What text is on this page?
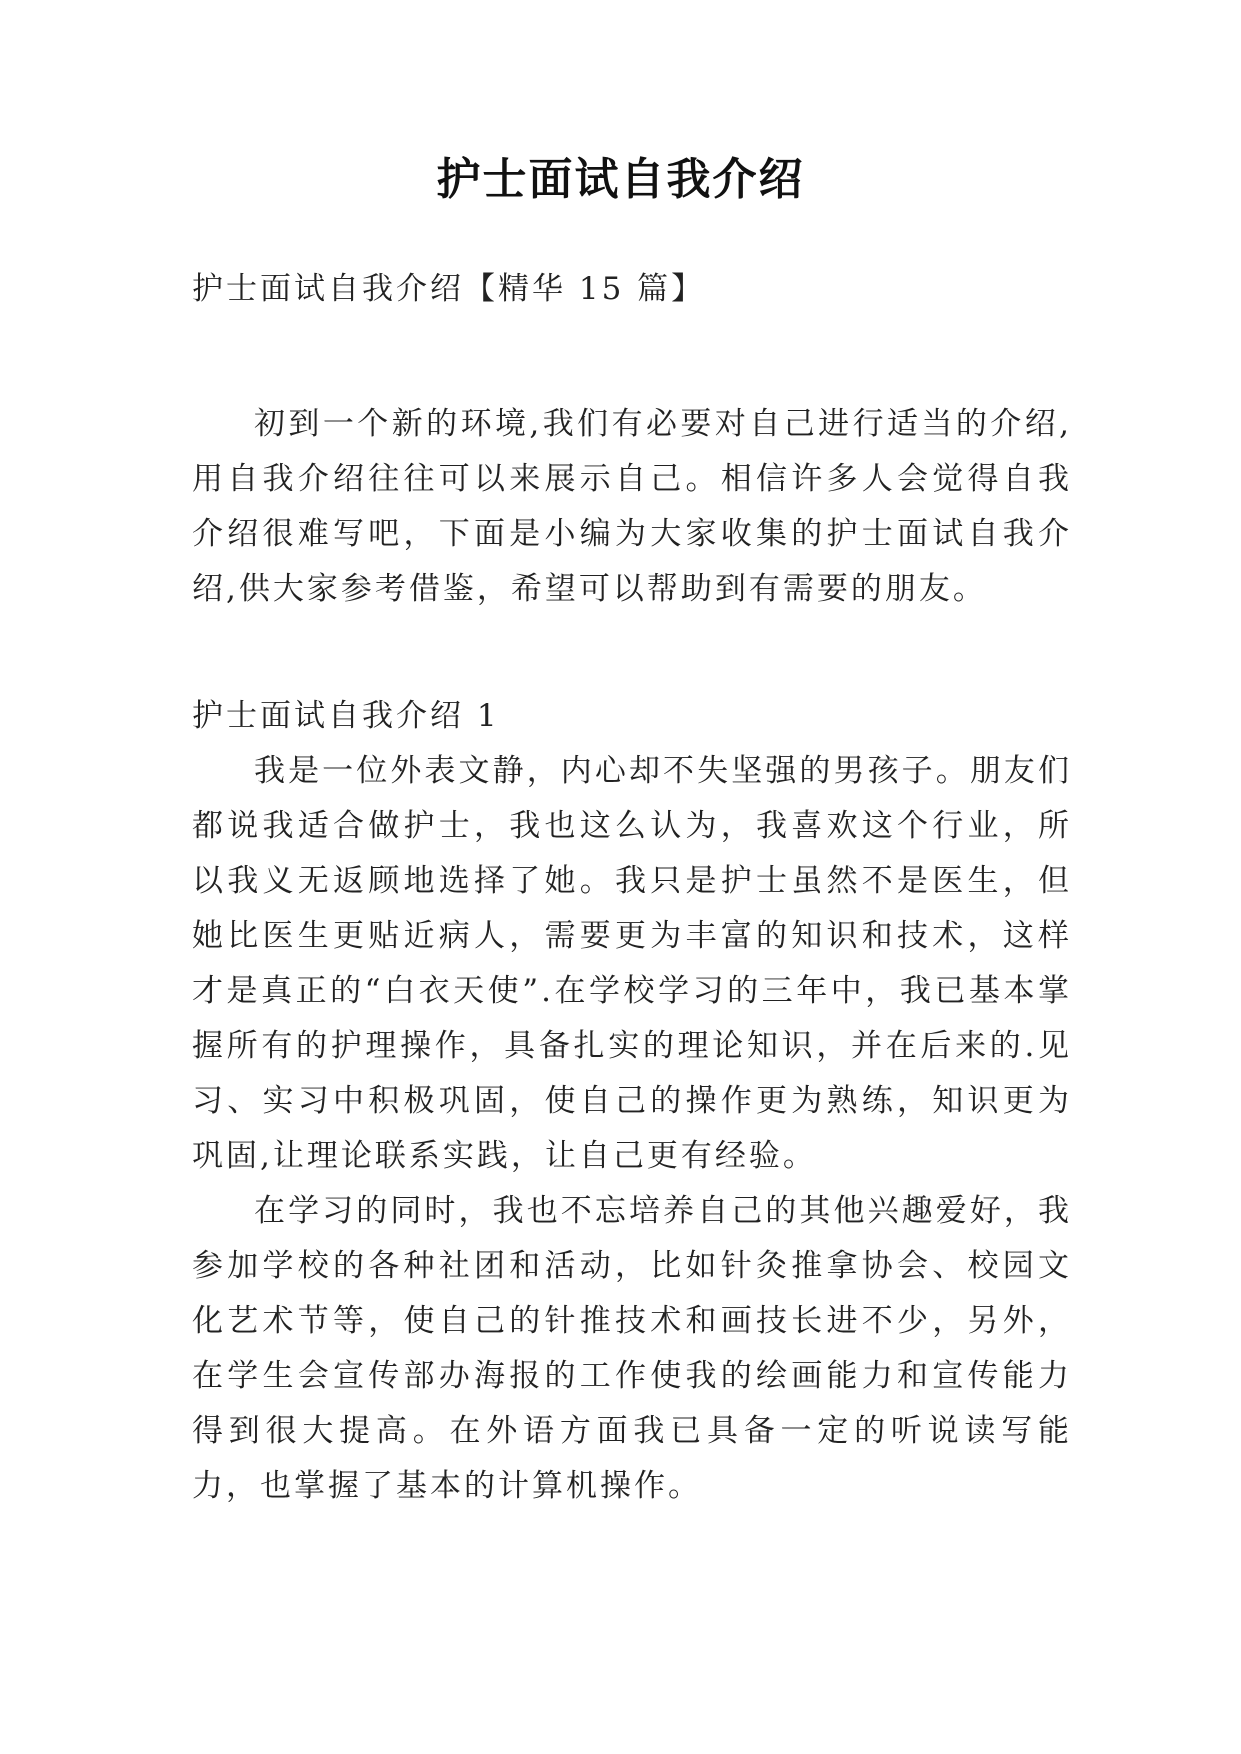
护士面试自我介绍

护士面试自我介绍【精华 15 篇】

初到一个新的环境,我们有必要对自己进行适当的介绍,用自我介绍往往可以来展示自己。相信许多人会觉得自我介绍很难写吧，下面是小编为大家收集的护士面试自我介绍,供大家参考借鉴，希望可以帮助到有需要的朋友。

护士面试自我介绍 1

我是一位外表文静，内心却不失坚强的男孩子。朋友们都说我适合做护士，我也这么认为，我喜欢这个行业，所以我义无返顾地选择了她。我只是护士虽然不是医生，但她比医生更贴近病人，需要更为丰富的知识和技术，这样才是真正的“白衣天使”.在学校学习的三年中，我已基本掌握所有的护理操作，具备扎实的理论知识，并在后来的.见习、实习中积极巩固，使自己的操作更为熟练，知识更为巩固,让理论联系实践，让自己更有经验。

在学习的同时，我也不忘培养自己的其他兴趣爱好，我参加学校的各种社团和活动，比如针灸推拿协会、校园文化艺术节等，使自己的针推技术和画技长进不少，另外，在学生会宣传部办海报的工作使我的绘画能力和宣传能力得到很大提高。在外语方面我已具备一定的听说读写能力，也掌握了基本的计算机操作。
